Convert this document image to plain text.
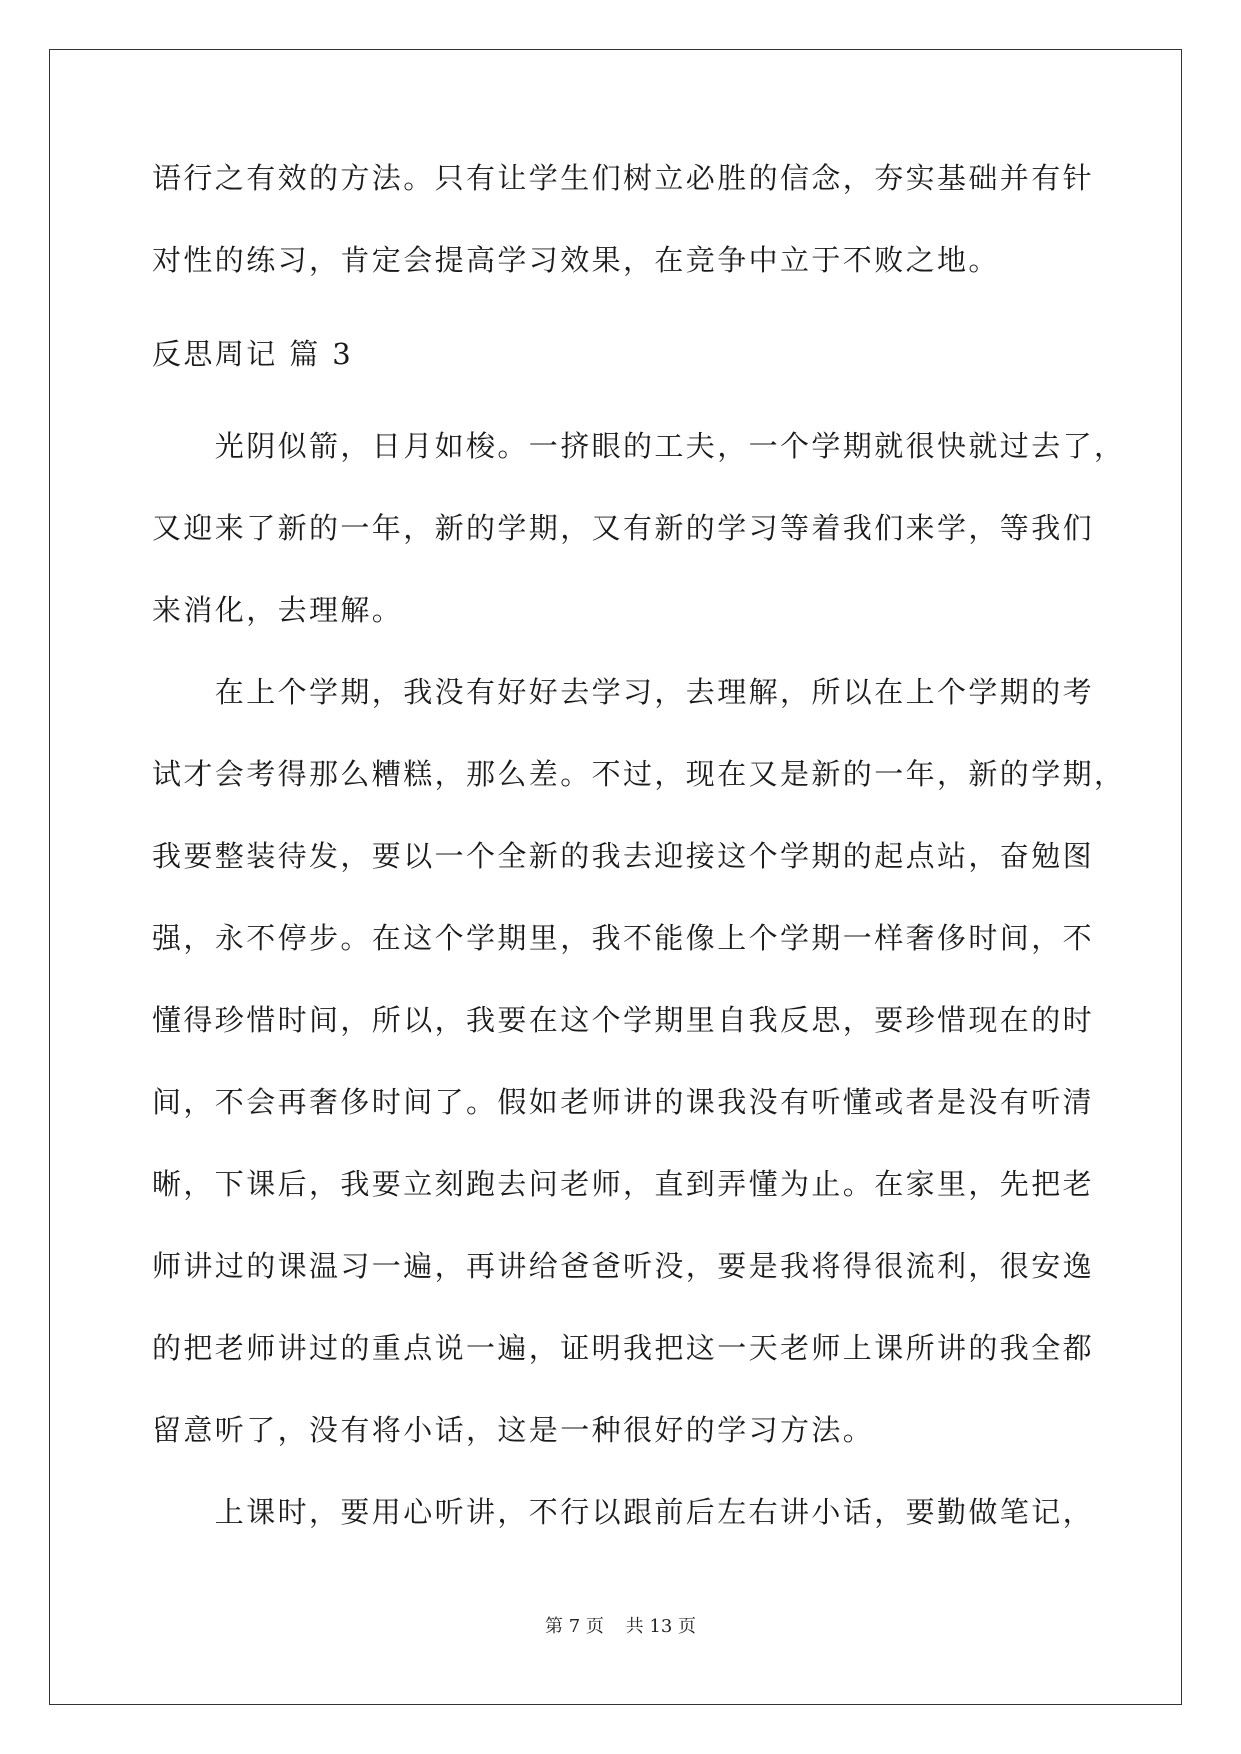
语行之有效的方法。只有让学生们树立必胜的信念，夯实基础并有针
对性的练习，肯定会提高学习效果，在竞争中立于不败之地。
反思周记 篇 3
　　光阴似箭，日月如梭。一挤眼的工夫，一个学期就很快就过去了，
又迎来了新的一年，新的学期，又有新的学习等着我们来学，等我们
来消化，去理解。
　　在上个学期，我没有好好去学习，去理解，所以在上个学期的考
试才会考得那么糟糕，那么差。不过，现在又是新的一年，新的学期，
我要整装待发，要以一个全新的我去迎接这个学期的起点站，奋勉图
强，永不停步。在这个学期里，我不能像上个学期一样奢侈时间，不
懂得珍惜时间，所以，我要在这个学期里自我反思，要珍惜现在的时
间，不会再奢侈时间了。假如老师讲的课我没有听懂或者是没有听清
晰，下课后，我要立刻跑去问老师，直到弄懂为止。在家里，先把老
师讲过的课温习一遍，再讲给爸爸听没，要是我将得很流利，很安逸
的把老师讲过的重点说一遍，证明我把这一天老师上课所讲的我全都
留意听了，没有将小话，这是一种很好的学习方法。
　　上课时，要用心听讲，不行以跟前后左右讲小话，要勤做笔记，
第 7 页 共 13 页
